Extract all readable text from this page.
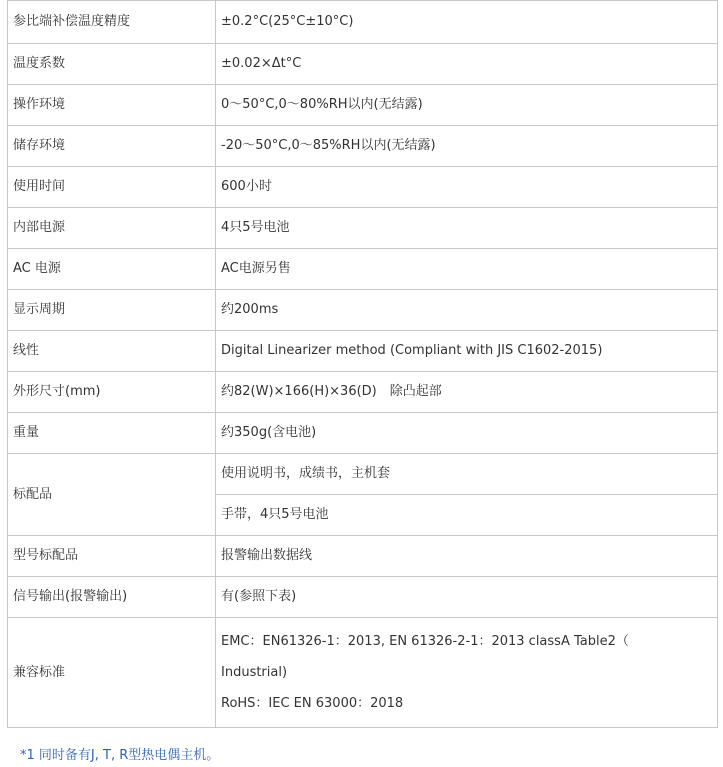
参比端补偿温度精度	±0.2°C(25°C±10°C)
温度系数	±0.02×Δt°C
操作环境	0～50°C,0～80%RH以内(无结露)
储存环境	-20～50°C,0～85%RH以内(无结露)
使用时间	600小时
内部电源	4只5号电池
AC 电源	AC电源另售
显示周期	约200ms
线性	Digital Linearizer method (Compliant with JIS C1602-2015)
外形尺寸(mm)	约82(W)×166(H)×36(D)　除凸起部
重量	约350g(含电池)
标配品	使用说明书，成绩书，主机套
	手带，4只5号电池
型号标配品	报警输出数据线
信号输出(报警输出)	有(参照下表)
兼容标准	EMC：EN61326-1：2013, EN 61326-2-1：2013 classA Table2（
Industrial)
RoHS：IEC EN 63000：2018
*1 同时备有J, T, R型热电偶主机。
